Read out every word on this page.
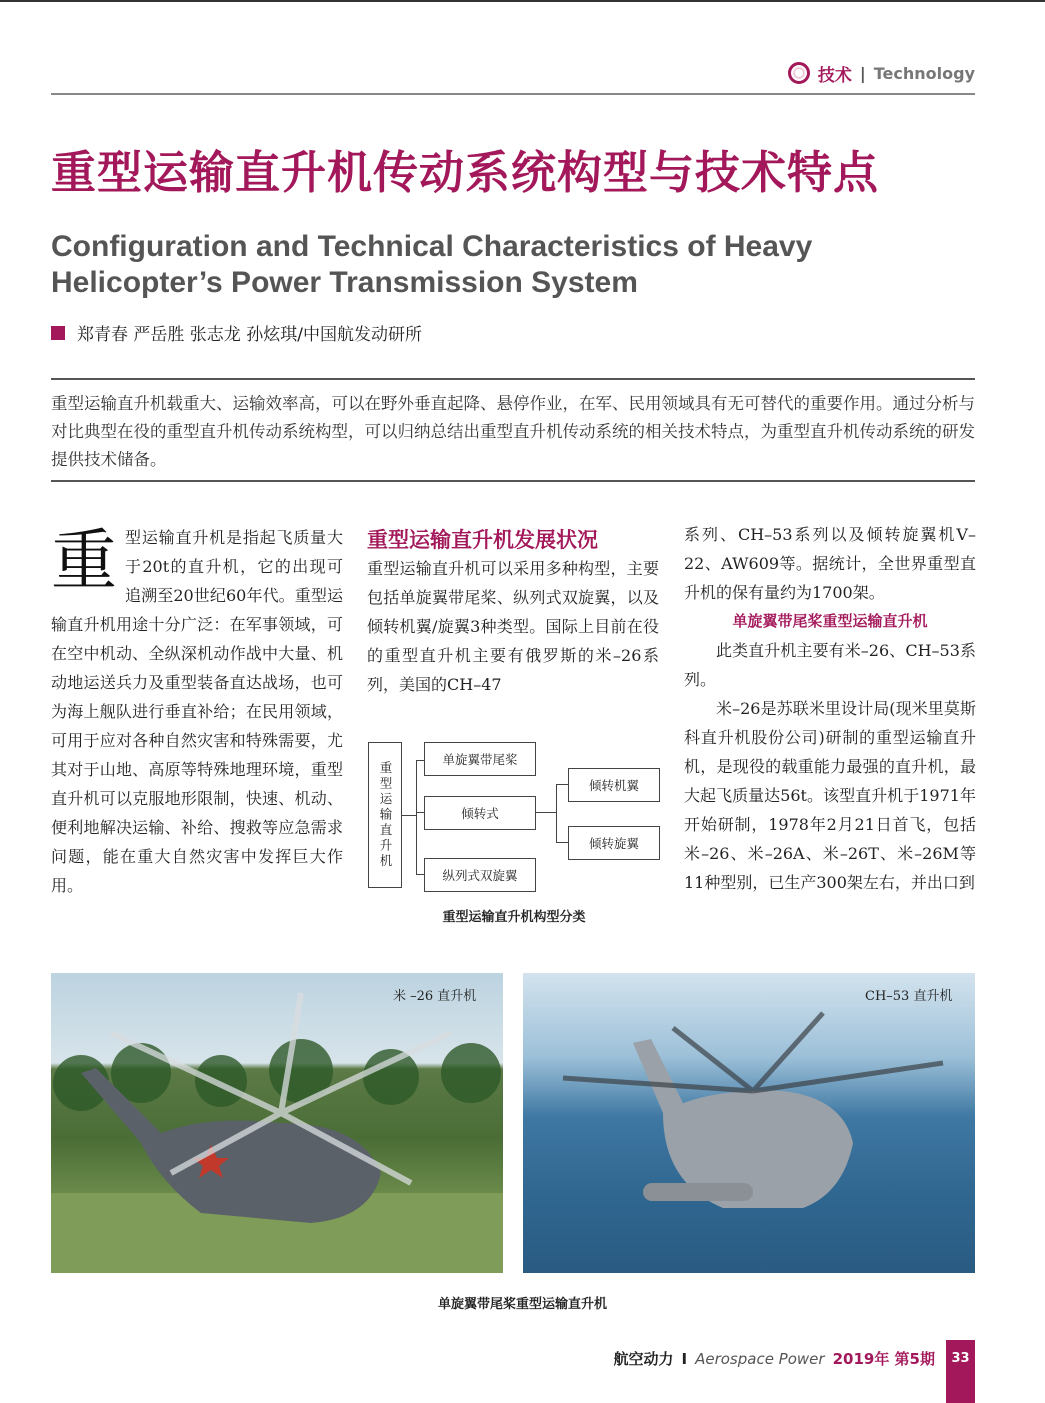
技术 | Technology
重型运输直升机传动系统构型与技术特点
Configuration and Technical Characteristics of Heavy Helicopter’s Power Transmission System
郑青春 严岳胜 张志龙 孙炫琪/中国航发动研所
重型运输直升机载重大、运输效率高，可以在野外垂直起降、悬停作业，在军、民用领域具有无可替代的重要作用。通过分析与对比典型在役的重型直升机传动系统构型，可以归纳总结出重型直升机传动系统的相关技术特点，为重型直升机传动系统的研发提供技术储备。
重 型运输直升机是指起飞质量大于20t的直升机，它的出现可追溯至20世纪60年代。重型运输直升机用途十分广泛：在军事领域，可在空中机动、全纵深机动作战中大量、机动地运送兵力及重型装备直达战场，也可为海上舰队进行垂直补给；在民用领域，可用于应对各种自然灾害和特殊需要，尤其对于山地、高原等特殊地理环境，重型直升机可以克服地形限制，快速、机动、便利地解决运输、补给、搜救等应急需求问题，能在重大自然灾害中发挥巨大作用。
重型运输直升机发展状况
重型运输直升机可以采用多种构型，主要包括单旋翼带尾桨、纵列式双旋翼，以及倾转机翼/旋翼3种类型。国际上目前在役的重型直升机主要有俄罗斯的米–26系列，美国的CH–47
重型运输直升机
单旋翼带尾桨
倾转式
纵列式双旋翼
倾转机翼
倾转旋翼
重型运输直升机构型分类
系列、CH–53系列以及倾转旋翼机V–22、AW609等。据统计，全世界重型直升机的保有量约为1700架。
单旋翼带尾桨重型运输直升机
此类直升机主要有米–26、CH–53系列。
米–26是苏联米里设计局(现米里莫斯科直升机股份公司)研制的重型运输直升机，是现役的载重能力最强的直升机，最大起飞质量达56t。该型直升机于1971年开始研制，1978年2月21日首飞，包括米–26、米–26A、米–26T、米–26M等11种型别，已生产300架左右，并出口到
米 –26 直升机	CH–53 直升机
单旋翼带尾桨重型运输直升机
航空动力 I Aerospace Power 2019年 第5期	33
